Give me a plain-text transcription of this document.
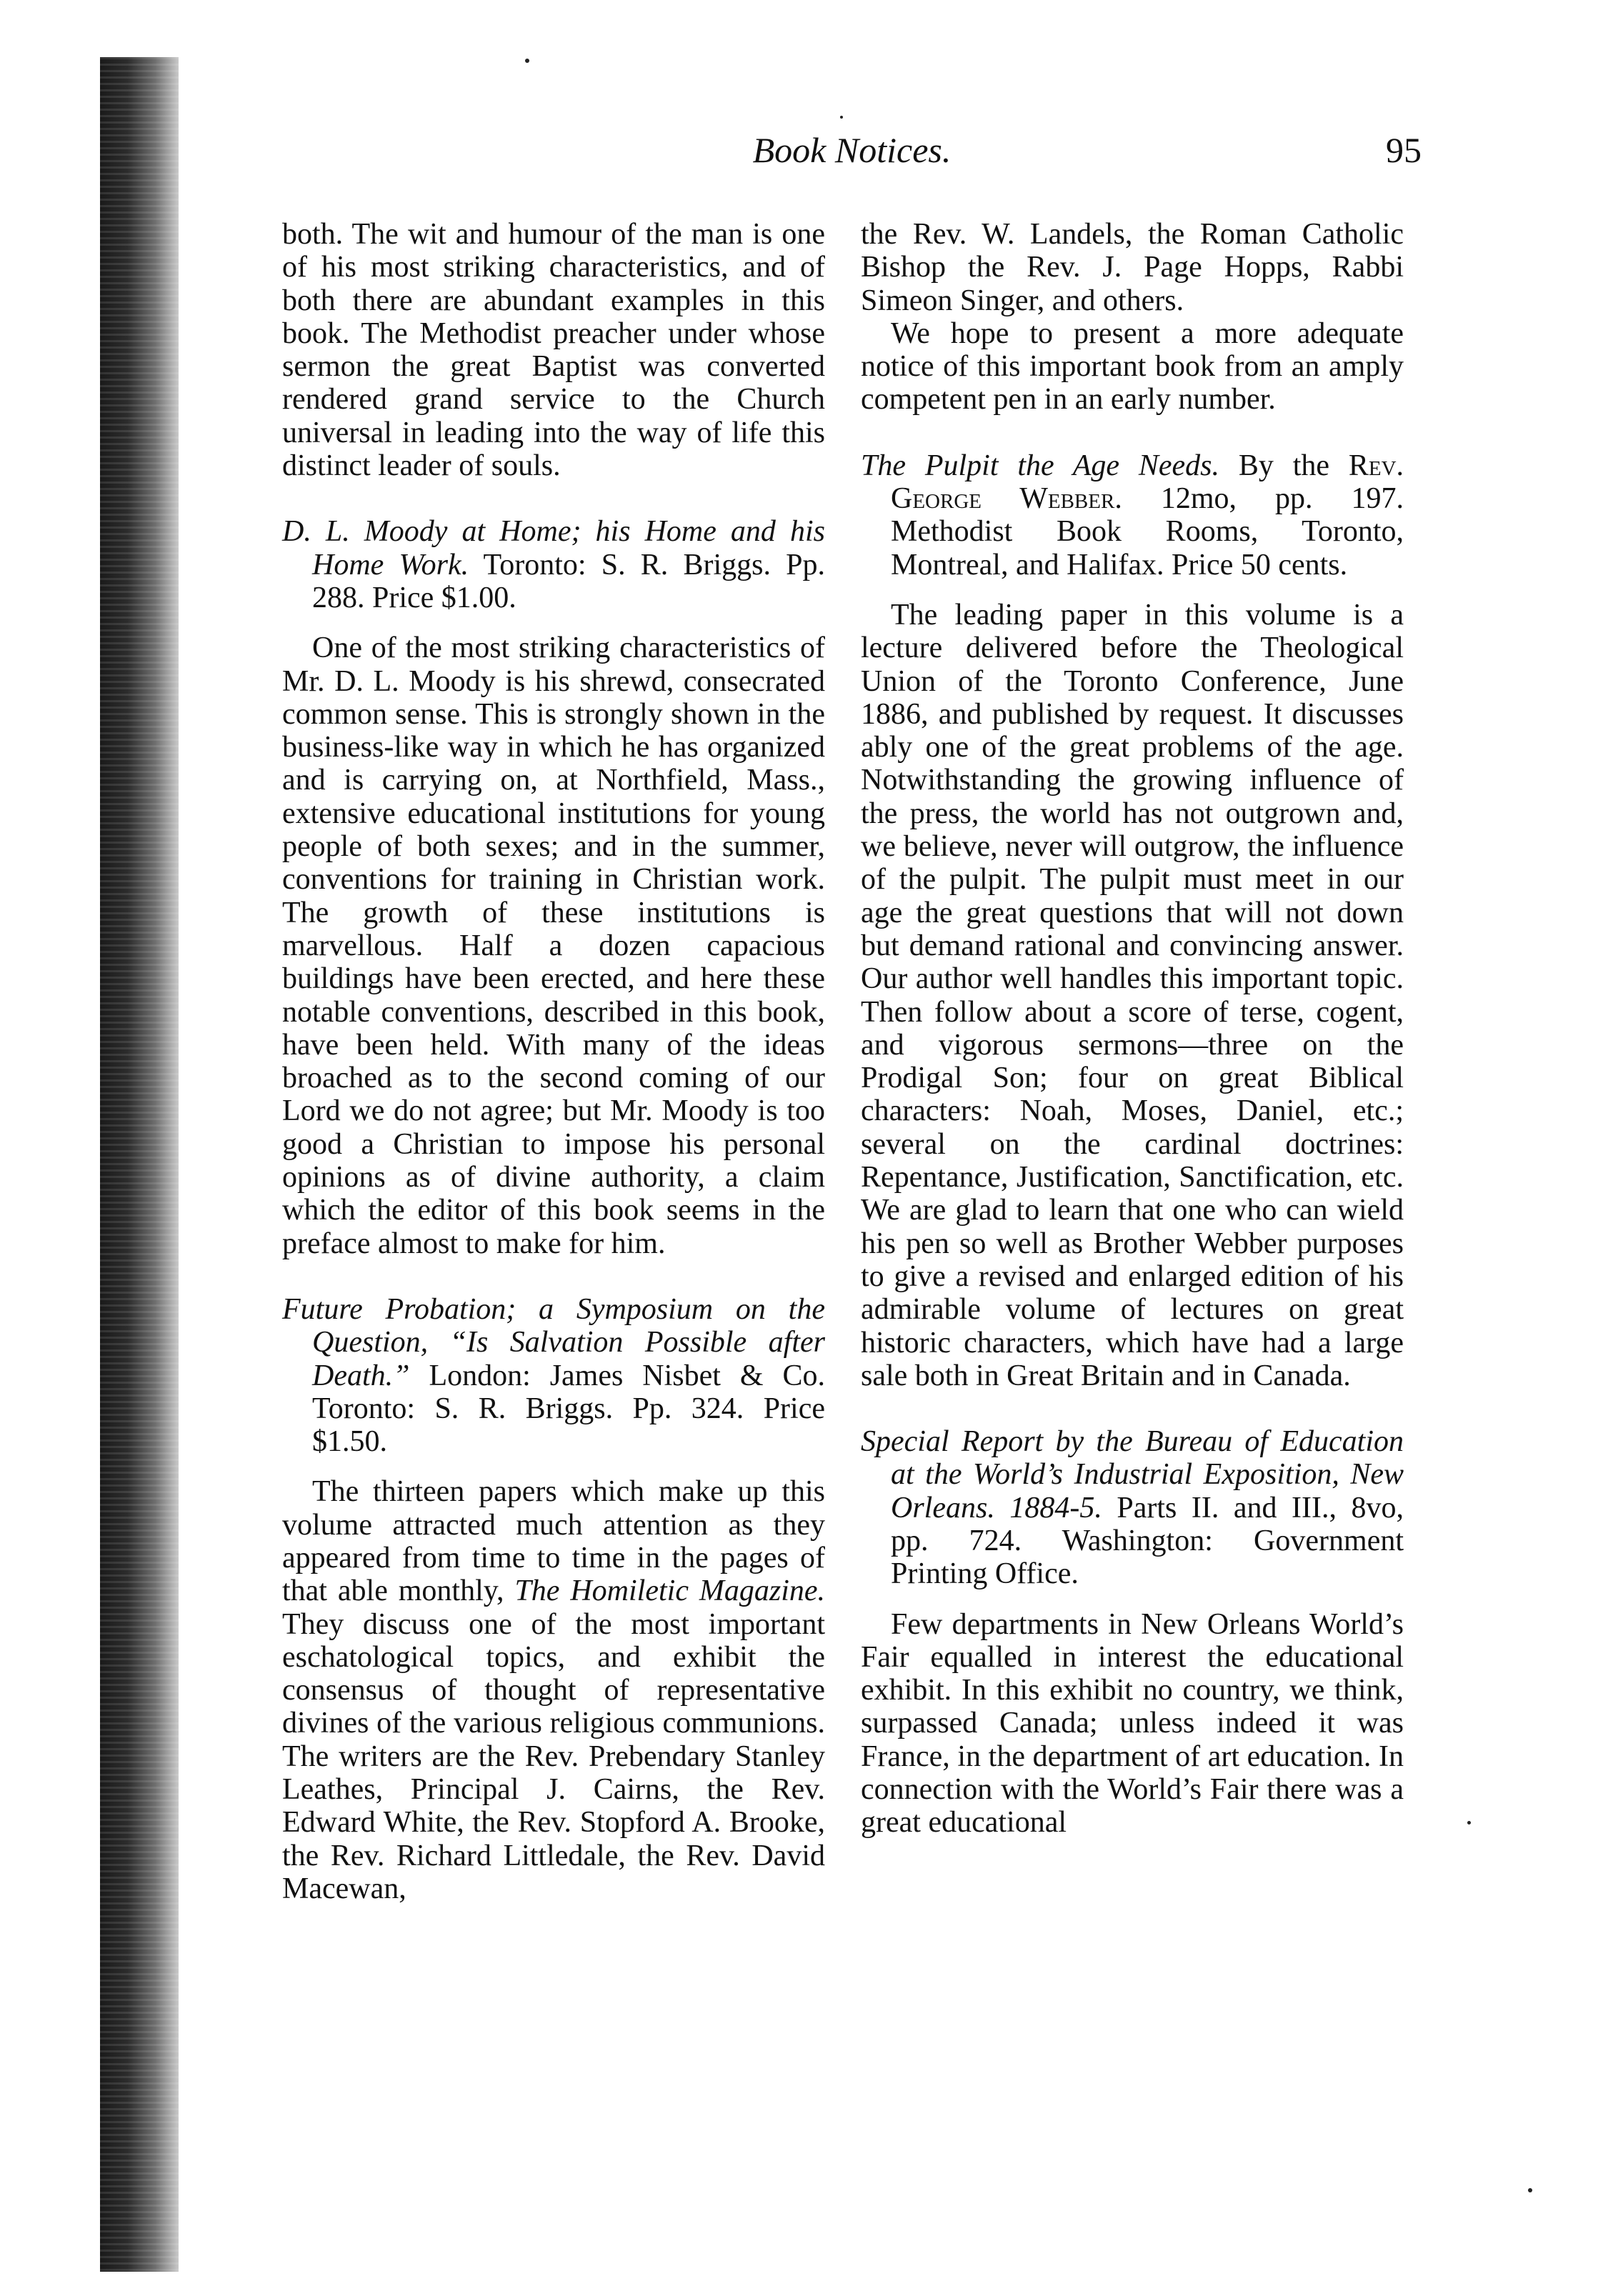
Book Notices.	95

both. The wit and humour of the man is one of his most striking characteristics, and of both there are abundant examples in this book. The Methodist preacher under whose sermon the great Baptist was converted rendered grand service to the Church universal in leading into the way of life this distinct leader of souls.

D. L. Moody at Home; his Home and his Home Work. Toronto: S. R. Briggs. Pp. 288. Price $1.00.

One of the most striking characteristics of Mr. D. L. Moody is his shrewd, consecrated common sense. This is strongly shown in the business-like way in which he has organized and is carrying on, at Northfield, Mass., extensive educational institutions for young people of both sexes; and in the summer, conventions for training in Christian work. The growth of these institutions is marvellous. Half a dozen capacious buildings have been erected, and here these notable conventions, described in this book, have been held. With many of the ideas broached as to the second coming of our Lord we do not agree; but Mr. Moody is too good a Christian to impose his personal opinions as of divine authority, a claim which the editor of this book seems in the preface almost to make for him.

Future Probation; a Symposium on the Question, “Is Salvation Possible after Death.” London: James Nisbet & Co. Toronto: S. R. Briggs. Pp. 324. Price $1.50.

The thirteen papers which make up this volume attracted much attention as they appeared from time to time in the pages of that able monthly, The Homiletic Magazine. They discuss one of the most important eschatological topics, and exhibit the consensus of thought of representative divines of the various religious communions. The writers are the Rev. Prebendary Stanley Leathes, Principal J. Cairns, the Rev. Edward White, the Rev. Stopford A. Brooke, the Rev. Richard Littledale, the Rev. David Macewan,

the Rev. W. Landels, the Roman Catholic Bishop the Rev. J. Page Hopps, Rabbi Simeon Singer, and others.

We hope to present a more adequate notice of this important book from an amply competent pen in an early number.

The Pulpit the Age Needs. By the Rev. George Webber. 12mo, pp. 197. Methodist Book Rooms, Toronto, Montreal, and Halifax. Price 50 cents.

The leading paper in this volume is a lecture delivered before the Theological Union of the Toronto Conference, June 1886, and published by request. It discusses ably one of the great problems of the age. Notwithstanding the growing influence of the press, the world has not outgrown and, we believe, never will outgrow, the influence of the pulpit. The pulpit must meet in our age the great questions that will not down but demand rational and convincing answer. Our author well handles this important topic. Then follow about a score of terse, cogent, and vigorous sermons—three on the Prodigal Son; four on great Biblical characters: Noah, Moses, Daniel, etc.; several on the cardinal doctrines: Repentance, Justification, Sanctification, etc. We are glad to learn that one who can wield his pen so well as Brother Webber purposes to give a revised and enlarged edition of his admirable volume of lectures on great historic characters, which have had a large sale both in Great Britain and in Canada.

Special Report by the Bureau of Education at the World’s Industrial Exposition, New Orleans. 1884-5. Parts II. and III., 8vo, pp. 724. Washington: Government Printing Office.

Few departments in New Orleans World’s Fair equalled in interest the educational exhibit. In this exhibit no country, we think, surpassed Canada; unless indeed it was France, in the department of art education. In connection with the World’s Fair there was a great educational
